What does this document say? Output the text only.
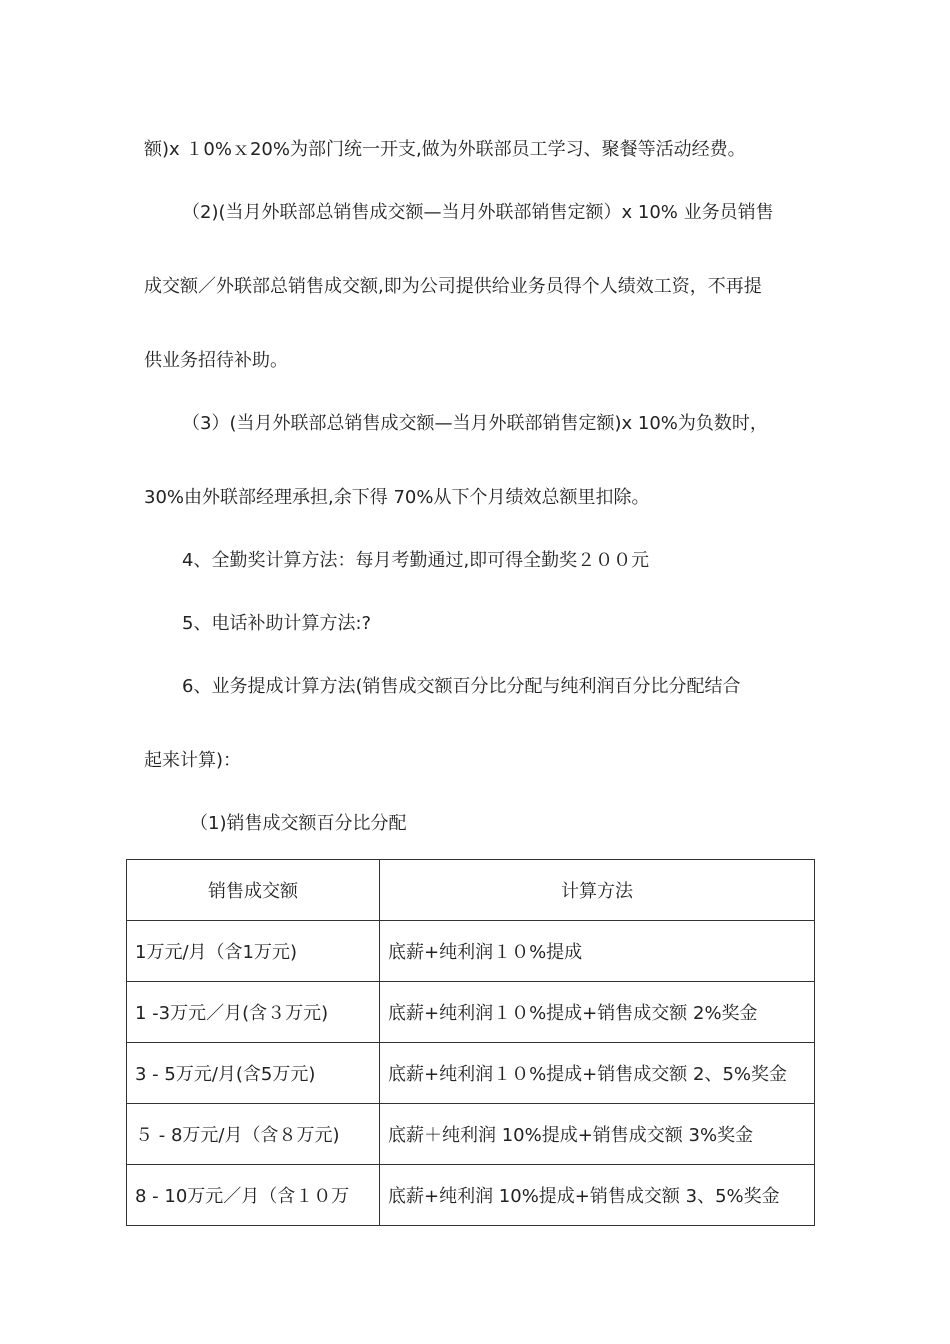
额)x １0%ｘ20%为部门统一开支,做为外联部员工学习、聚餐等活动经费。
（2)(当月外联部总销售成交额—当月外联部销售定额）x 10% 业务员销售
成交额／外联部总销售成交额,即为公司提供给业务员得个人绩效工资，不再提
供业务招待补助。
（3）(当月外联部总销售成交额—当月外联部销售定额)x 10%为负数时，
30%由外联部经理承担,余下得 70%从下个月绩效总额里扣除。
4、全勤奖计算方法：每月考勤通过,即可得全勤奖２００元
5、电话补助计算方法:?
6、业务提成计算方法(销售成交额百分比分配与纯利润百分比分配结合
起来计算)：
（1)销售成交额百分比分配
销售成交额	计算方法
1万元/月（含1万元)	底薪+纯利润１０%提成
1 -3万元／月(含３万元)	底薪+纯利润１０%提成+销售成交额 2%奖金
3 - 5万元/月(含5万元)	底薪+纯利润１０%提成+销售成交额 2、5%奖金
５ - 8万元/月（含８万元)	底薪＋纯利润 10%提成+销售成交额 3%奖金
8 - 10万元／月（含１０万	底薪+纯利润 10%提成+销售成交额 3、5%奖金
